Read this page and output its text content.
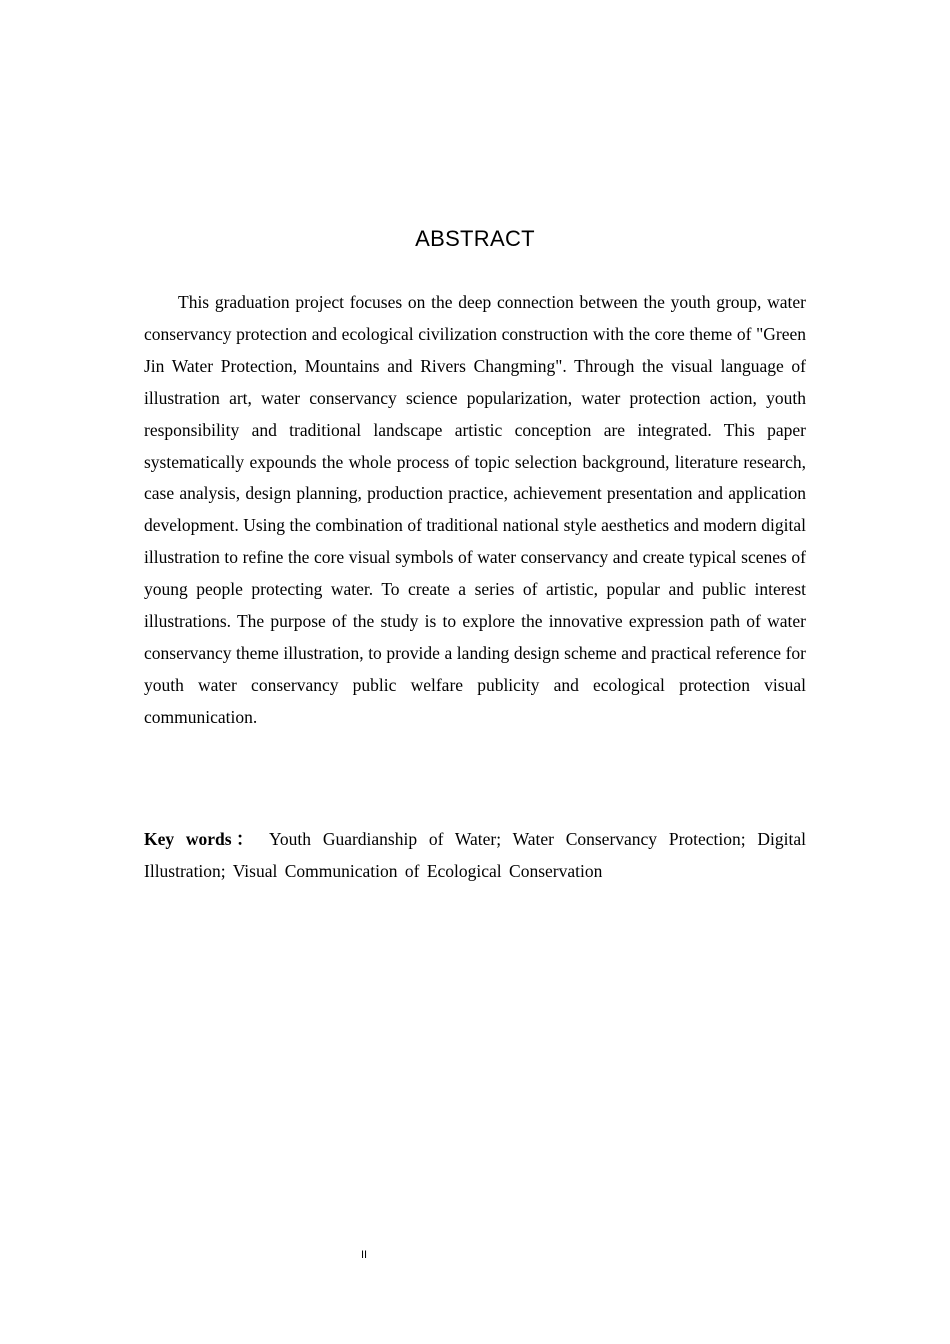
ABSTRACT

This graduation project focuses on the deep connection between the youth group, water conservancy protection and ecological civilization construction with the core theme of "Green Jin Water Protection, Mountains and Rivers Changming". Through the visual language of illustration art, water conservancy science popularization, water protection action, youth responsibility and traditional landscape artistic conception are integrated. This paper systematically expounds the whole process of topic selection background, literature research, case analysis, design planning, production practice, achievement presentation and application development. Using the combination of traditional national style aesthetics and modern digital illustration to refine the core visual symbols of water conservancy and create typical scenes of young people protecting water. To create a series of artistic, popular and public interest illustrations. The purpose of the study is to explore the innovative expression path of water conservancy theme illustration, to provide a landing design scheme and practical reference for youth water conservancy public welfare publicity and ecological protection visual communication.

Key words： Youth Guardianship of Water; Water Conservancy Protection; Digital Illustration; Visual Communication of Ecological Conservation

II
